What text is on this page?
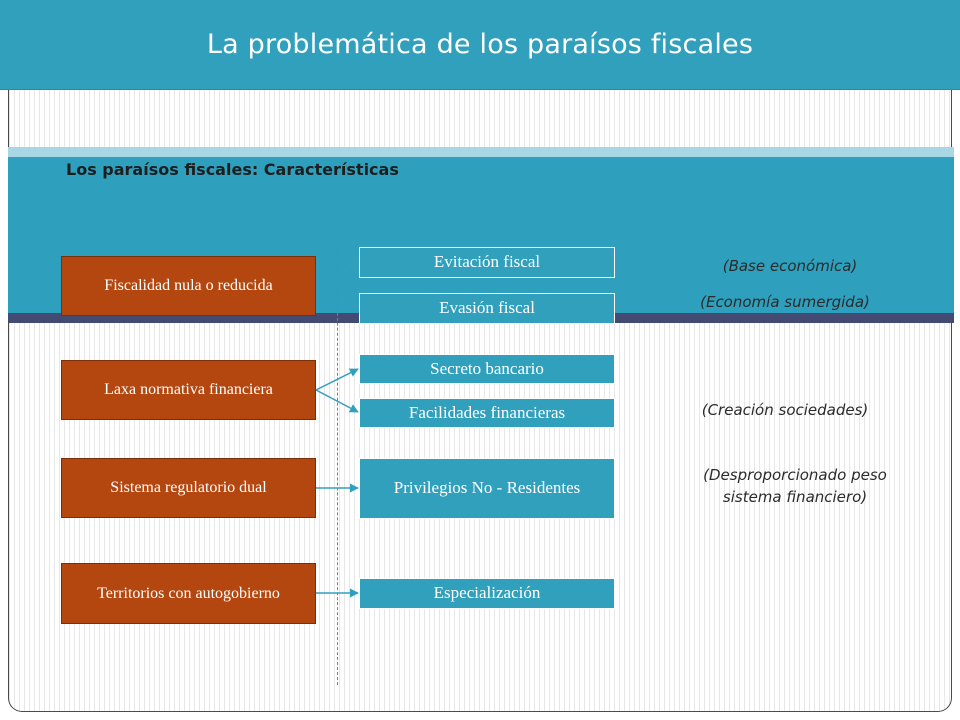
La problemática de los paraísos fiscales
Los paraísos fiscales: Características
Fiscalidad nula o reducida
Laxa normativa financiera
Sistema regulatorio dual
Territorios con autogobierno
Evitación fiscal
Evasión fiscal
Secreto bancario
Facilidades financieras
Privilegios No - Residentes
Especialización
(Base económica)
(Economía sumergida)
(Creación sociedades)
(Desproporcionado peso sistema financiero)
